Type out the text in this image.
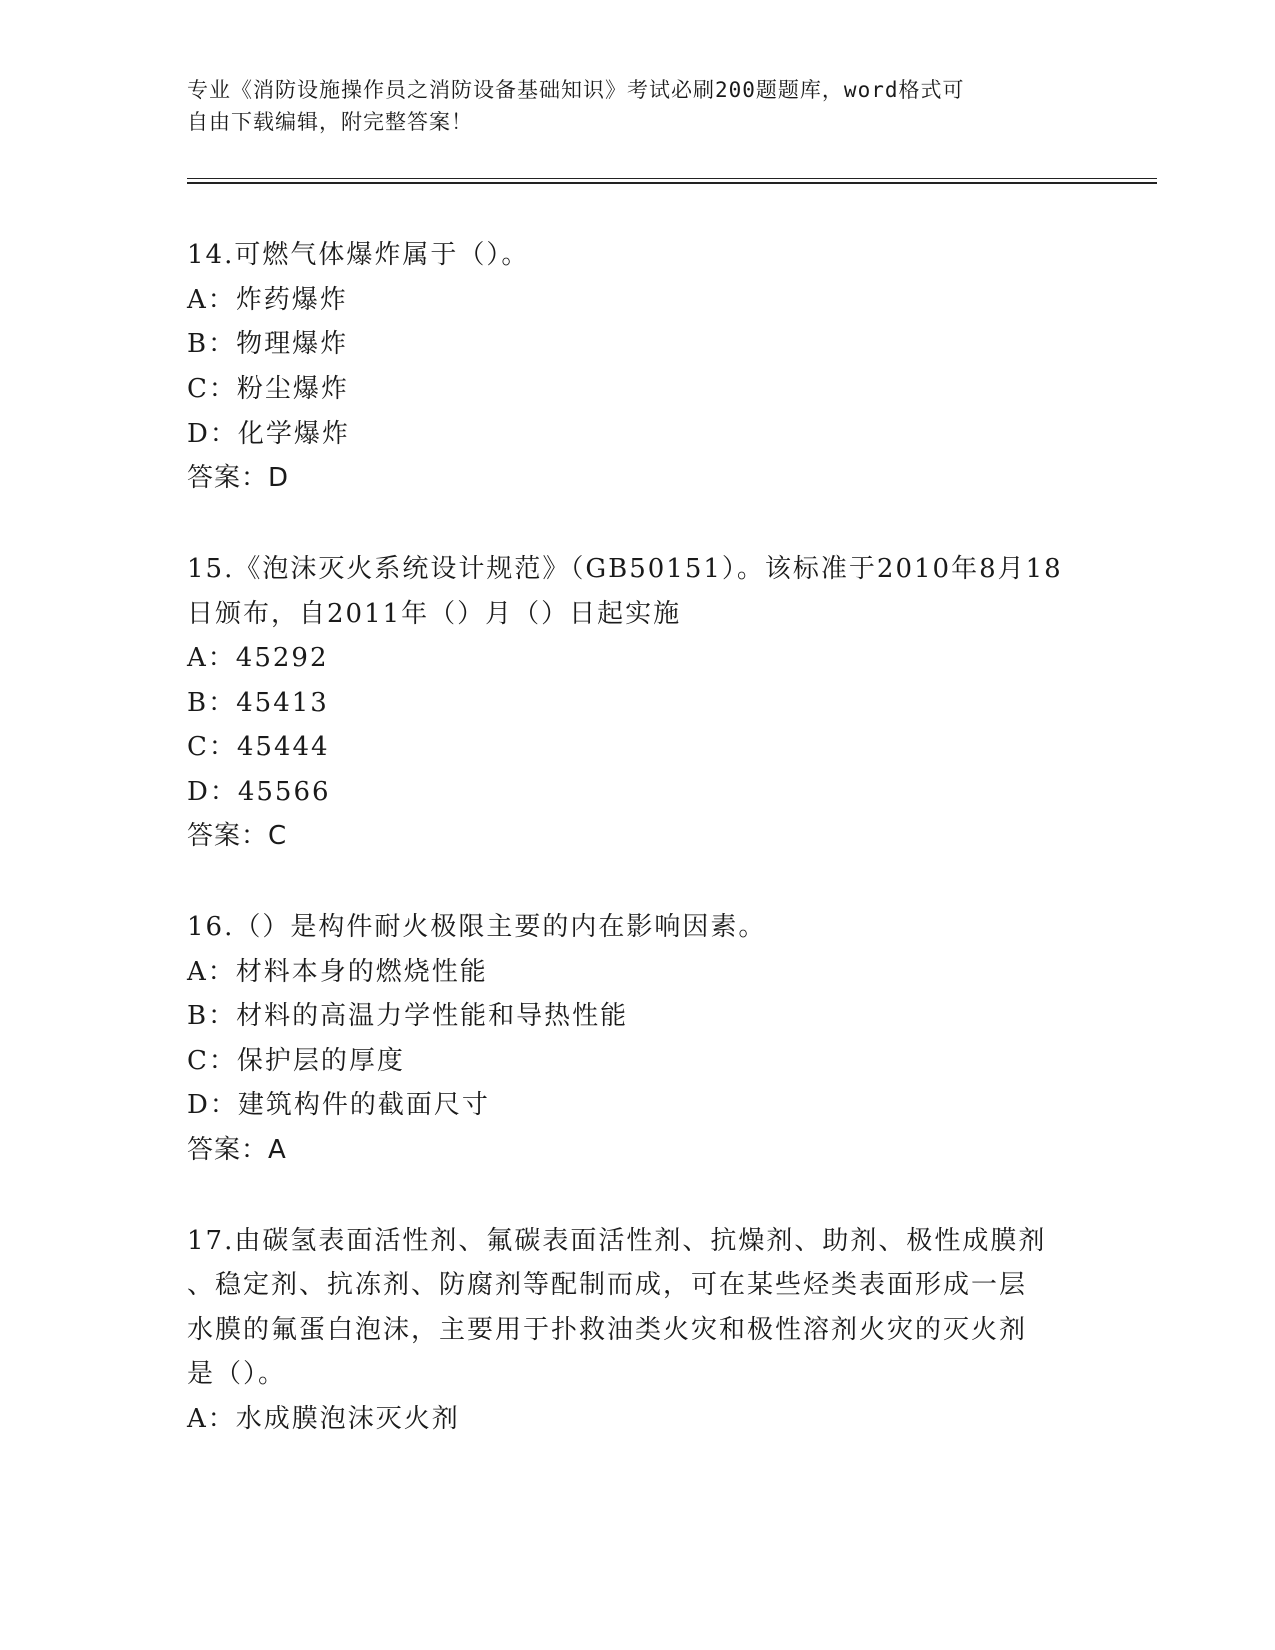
专业《消防设施操作员之消防设备基础知识》考试必刷200题题库，word格式可
自由下载编辑，附完整答案！
14.可燃气体爆炸属于（）。
A：炸药爆炸
B：物理爆炸
C：粉尘爆炸
D：化学爆炸
答案：D
15.《泡沫灭火系统设计规范》（GB50151）。该标准于2010年8月18
日颁布，自2011年（）月（）日起实施
A：45292
B：45413
C：45444
D：45566
答案：C
16.（）是构件耐火极限主要的内在影响因素。
A：材料本身的燃烧性能
B：材料的高温力学性能和导热性能
C：保护层的厚度
D：建筑构件的截面尺寸
答案：A
17.由碳氢表面活性剂、氟碳表面活性剂、抗燥剂、助剂、极性成膜剂
、稳定剂、抗冻剂、防腐剂等配制而成，可在某些烃类表面形成一层
水膜的氟蛋白泡沫，主要用于扑救油类火灾和极性溶剂火灾的灭火剂
是（）。
A：水成膜泡沫灭火剂
